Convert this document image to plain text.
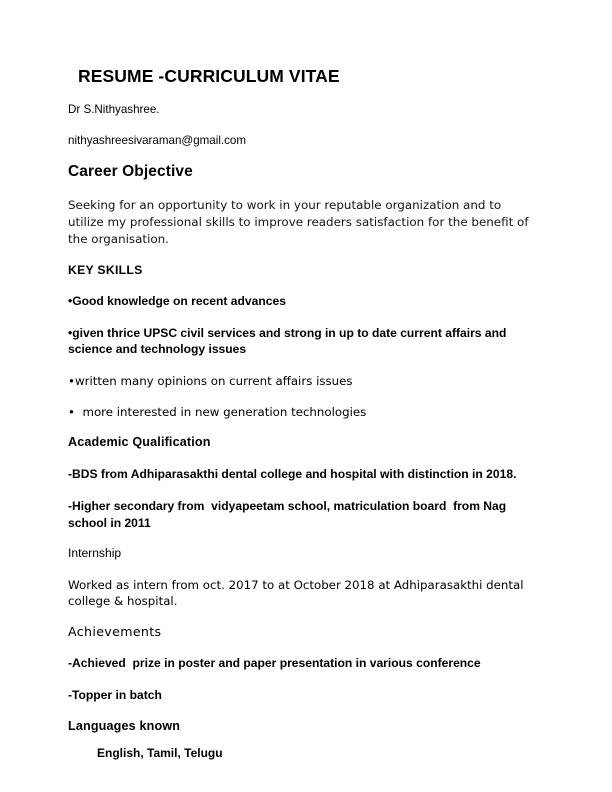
RESUME -CURRICULUM VITAE

Dr S.Nithyashree.

nithyashreesivaraman@gmail.com

Career Objective

Seeking for an opportunity to work in your reputable organization and to utilize my professional skills to improve readers satisfaction for the benefit of the organisation.

KEY SKILLS

•Good knowledge on recent advances

•given thrice UPSC civil services and strong in up to date current affairs and science and technology issues

•written many opinions on current affairs issues

•  more interested in new generation technologies

Academic Qualification

-BDS from Adhiparasakthi dental college and hospital with distinction in 2018.

-Higher secondary from  vidyapeetam school, matriculation board  from Nag school in 2011

Internship

Worked as intern from oct. 2017 to at October 2018 at Adhiparasakthi dental college & hospital.

Achievements

-Achieved  prize in poster and paper presentation in various conference

-Topper in batch

Languages known

English, Tamil, Telugu
